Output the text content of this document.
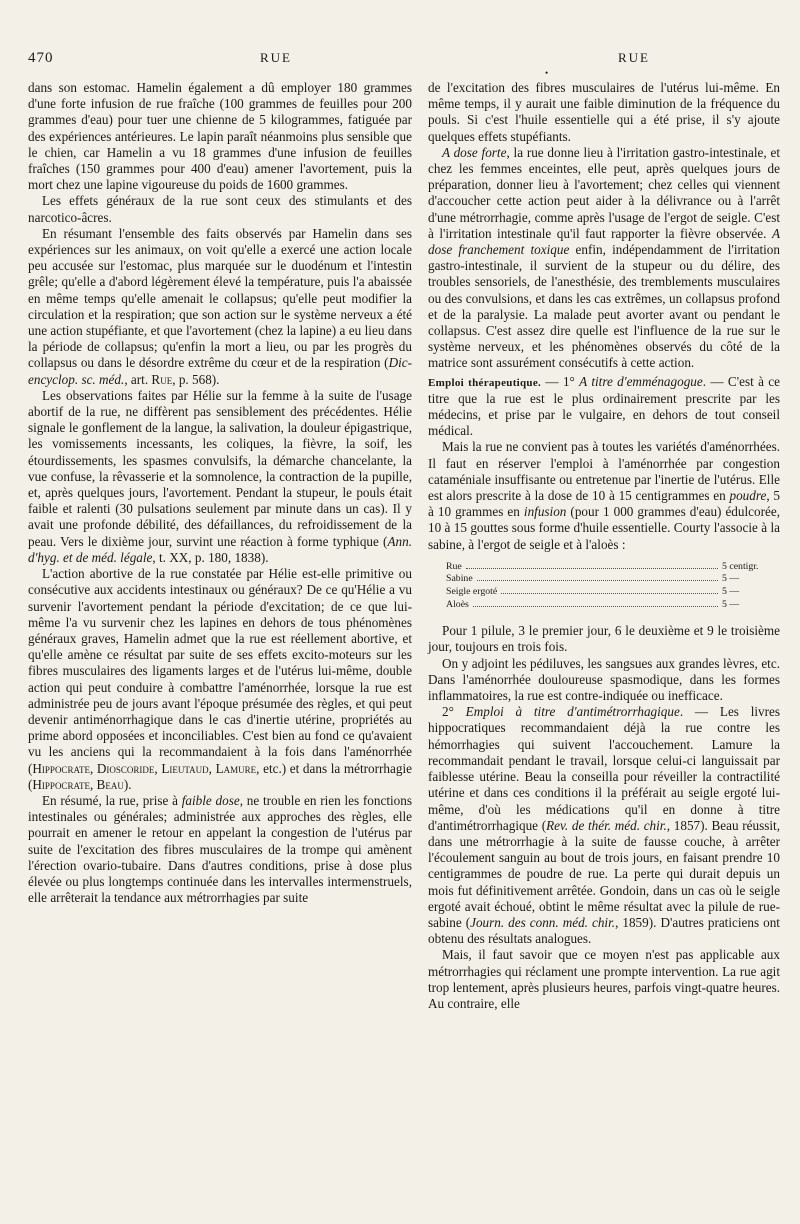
470	RUE	RUE
•

dans son estomac. Hamelin également a dû employer 180 grammes d'une forte infusion de rue fraîche (100 grammes de feuilles pour 200 grammes d'eau) pour tuer une chienne de 5 kilogrammes, fatiguée par des expériences antérieures. Le lapin paraît néanmoins plus sensible que le chien, car Hamelin a vu 18 grammes d'une infusion de feuilles fraîches (150 grammes pour 400 d'eau) amener l'avortement, puis la mort chez une lapine vigoureuse du poids de 1600 grammes.

Les effets généraux de la rue sont ceux des stimulants et des narcotico-âcres.

En résumant l'ensemble des faits observés par Hamelin dans ses expériences sur les animaux, on voit qu'elle a exercé une action locale peu accusée sur l'estomac, plus marquée sur le duodénum et l'intestin grêle; qu'elle a d'abord légèrement élevé la température, puis l'a abaissée en même temps qu'elle amenait le collapsus; qu'elle peut modifier la circulation et la respiration; que son action sur le système nerveux a été une action stupéfiante, et que l'avortement (chez la lapine) a eu lieu dans la période de collapsus; qu'enfin la mort a lieu, ou par les progrès du collapsus ou dans le désordre extrême du cœur et de la respiration (Dic-encyclop. sc. méd., art. Rue, p. 568).

Les observations faites par Hélie sur la femme à la suite de l'usage abortif de la rue, ne diffèrent pas sensiblement des précédentes. Hélie signale le gonflement de la langue, la salivation, la douleur épigastrique, les vomissements incessants, les coliques, la fièvre, la soif, les étourdissements, les spasmes convulsifs, la démarche chancelante, la vue confuse, la rêvasserie et la somnolence, la contraction de la pupille, et, après quelques jours, l'avortement. Pendant la stupeur, le pouls était faible et ralenti (30 pulsations seulement par minute dans un cas). Il y avait une profonde débilité, des défaillances, du refroidissement de la peau. Vers le dixième jour, survint une réaction à forme typhique (Ann. d'hyg. et de méd. légale, t. XX, p. 180, 1838).

L'action abortive de la rue constatée par Hélie est-elle primitive ou consécutive aux accidents intestinaux ou généraux? De ce qu'Hélie a vu survenir l'avortement pendant la période d'excitation; de ce que lui-même l'a vu survenir chez les lapines en dehors de tous phénomènes généraux graves, Hamelin admet que la rue est réellement abortive, et qu'elle amène ce résultat par suite de ses effets excito-moteurs sur les fibres musculaires des ligaments larges et de l'utérus lui-même, double action qui peut conduire à combattre l'aménorrhée, lorsque la rue est administrée peu de jours avant l'époque présumée des règles, et qui peut devenir antiménorrhagique dans le cas d'inertie utérine, propriétés au prime abord opposées et inconciliables. C'est bien au fond ce qu'avaient vu les anciens qui la recommandaient à la fois dans l'aménorrhée (Hippocrate, Dioscoride, Lieutaud, Lamure, etc.) et dans la métrorrhagie (Hippocrate, Beau).

En résumé, la rue, prise à faible dose, ne trouble en rien les fonctions intestinales ou générales; administrée aux approches des règles, elle pourrait en amener le retour en appelant la congestion de l'utérus par suite de l'excitation des fibres musculaires de la trompe qui amènent l'érection ovario-tubaire. Dans d'autres conditions, prise à dose plus élevée ou plus longtemps continuée dans les intervalles intermenstruels, elle arrêterait la tendance aux métrorrhagies par suite

de l'excitation des fibres musculaires de l'utérus lui-même. En même temps, il y aurait une faible diminution de la fréquence du pouls. Si c'est l'huile essentielle qui a été prise, il s'y ajoute quelques effets stupéfiants.

A dose forte, la rue donne lieu à l'irritation gastro-intestinale, et chez les femmes enceintes, elle peut, après quelques jours de préparation, donner lieu à l'avortement; chez celles qui viennent d'accoucher cette action peut aider à la délivrance ou à l'arrêt d'une métrorrhagie, comme après l'usage de l'ergot de seigle. C'est à l'irritation intestinale qu'il faut rapporter la fièvre observée. A dose franchement toxique enfin, indépendamment de l'irritation gastro-intestinale, il survient de la stupeur ou du délire, des troubles sensoriels, de l'anesthésie, des tremblements musculaires ou des convulsions, et dans les cas extrêmes, un collapsus profond et de la paralysie. La malade peut avorter avant ou pendant le collapsus. C'est assez dire quelle est l'influence de la rue sur le système nerveux, et les phénomènes observés du côté de la matrice sont assurément consécutifs à cette action.

Emploi thérapeutique. — 1° A titre d'emménagogue. — C'est à ce titre que la rue est le plus ordinairement prescrite par les médecins, et prise par le vulgaire, en dehors de tout conseil médical.

Mais la rue ne convient pas à toutes les variétés d'aménorrhées. Il faut en réserver l'emploi à l'aménorrhée par congestion cataméniale insuffisante ou entretenue par l'inertie de l'utérus. Elle est alors prescrite à la dose de 10 à 15 centigrammes en poudre, 5 à 10 grammes en infusion (pour 1 000 grammes d'eau) édulcorée, 10 à 15 gouttes sous forme d'huile essentielle. Courty l'associe à la sabine, à l'ergot de seigle et à l'aloès :

Rue	5 centigr.
Sabine	5 —
Seigle ergoté	5 —
Aloès	5 —

Pour 1 pilule, 3 le premier jour, 6 le deuxième et 9 le troisième jour, toujours en trois fois.

On y adjoint les pédiluves, les sangsues aux grandes lèvres, etc. Dans l'aménorrhée douloureuse spasmodique, dans les formes inflammatoires, la rue est contre-indiquée ou inefficace.

2° Emploi à titre d'antimétrorrhagique. — Les livres hippocratiques recommandaient déjà la rue contre les hémorrhagies qui suivent l'accouchement. Lamure la recommandait pendant le travail, lorsque celui-ci languissait par faiblesse utérine. Beau la conseilla pour réveiller la contractilité utérine et dans ces conditions il la préférait au seigle ergoté lui-même, d'où les médications qu'il en donne à titre d'antimétrorrhagique (Rev. de thér. méd. chir., 1857). Beau réussit, dans une métrorrhagie à la suite de fausse couche, à arrêter l'écoulement sanguin au bout de trois jours, en faisant prendre 10 centigrammes de poudre de rue. La perte qui durait depuis un mois fut définitivement arrêtée. Gondoin, dans un cas où le seigle ergoté avait échoué, obtint le même résultat avec la pilule de rue-sabine (Journ. des conn. méd. chir., 1859). D'autres praticiens ont obtenu des résultats analogues.

Mais, il faut savoir que ce moyen n'est pas applicable aux métrorrhagies qui réclament une prompte intervention. La rue agit trop lentement, après plusieurs heures, parfois vingt-quatre heures. Au contraire, elle
